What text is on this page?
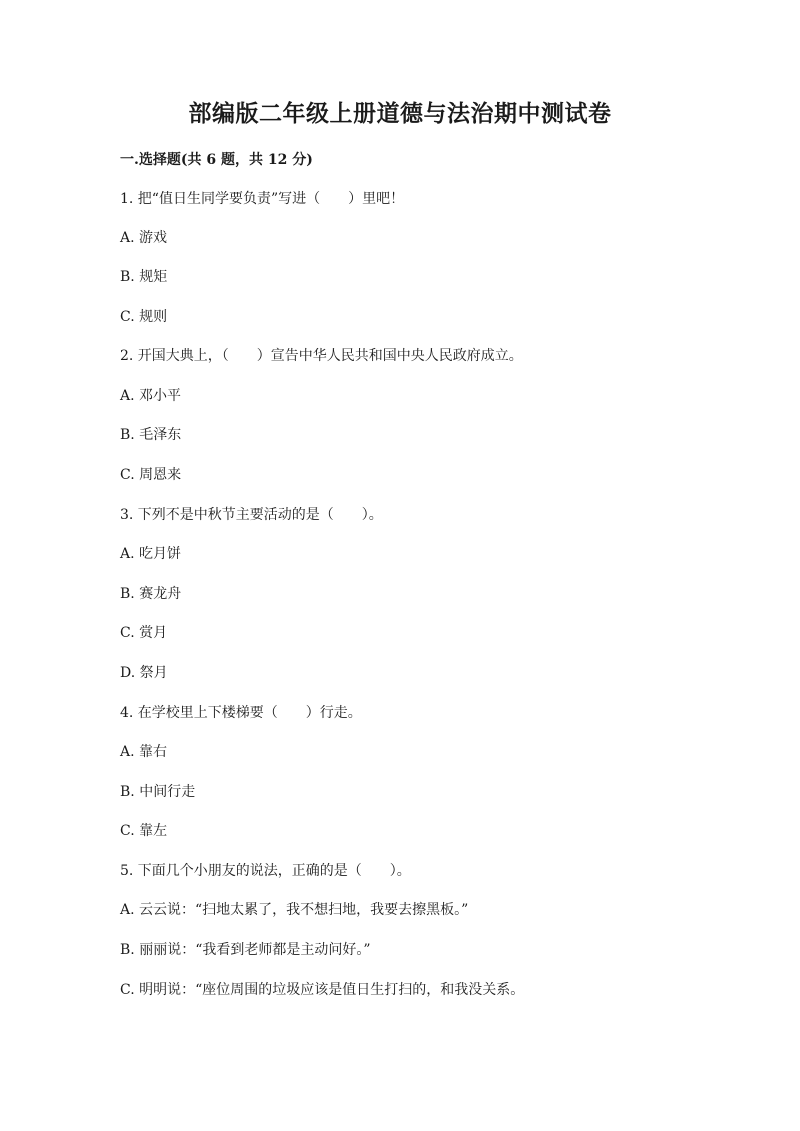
部编版二年级上册道德与法治期中测试卷
一.选择题(共 6 题，共 12 分)
1. 把“值日生同学要负责”写进（　　）里吧！
A. 游戏
B. 规矩
C. 规则
2. 开国大典上，（　　）宣告中华人民共和国中央人民政府成立。
A. 邓小平
B. 毛泽东
C. 周恩来
3. 下列不是中秋节主要活动的是（　　）。
A. 吃月饼
B. 赛龙舟
C. 赏月
D. 祭月
4. 在学校里上下楼梯要（　　）行走。
A. 靠右
B. 中间行走
C. 靠左
5. 下面几个小朋友的说法，正确的是（　　）。
A. 云云说：“扫地太累了，我不想扫地，我要去擦黑板。”
B. 丽丽说：“我看到老师都是主动问好。”
C. 明明说：“座位周围的垃圾应该是值日生打扫的，和我没关系。
